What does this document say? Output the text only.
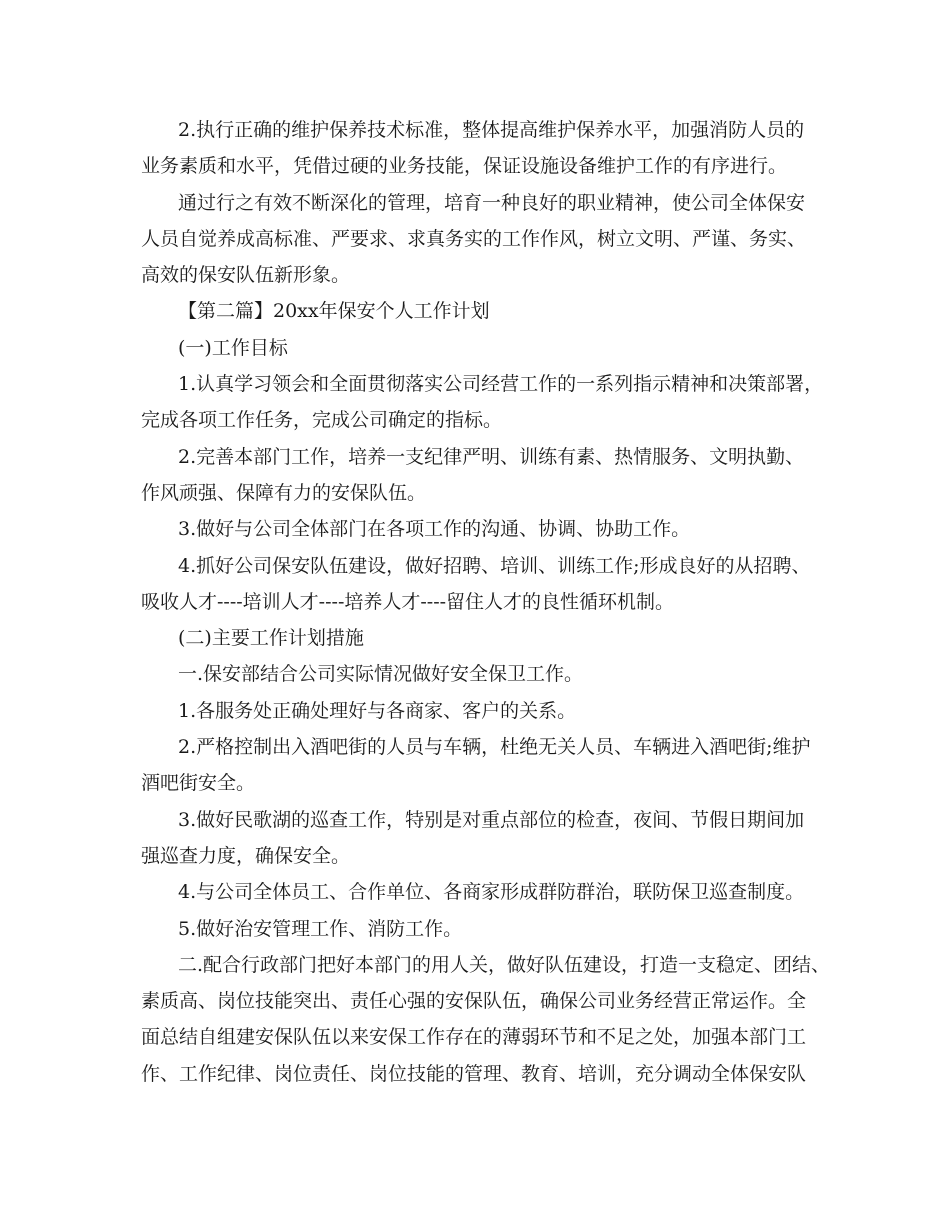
2.执行正确的维护保养技术标准，整体提高维护保养水平，加强消防人员的
业务素质和水平，凭借过硬的业务技能，保证设施设备维护工作的有序进行。
通过行之有效不断深化的管理，培育一种良好的职业精神，使公司全体保安
人员自觉养成高标准、严要求、求真务实的工作作风，树立文明、严谨、务实、
高效的保安队伍新形象。
【第二篇】20xx年保安个人工作计划
(一)工作目标
1.认真学习领会和全面贯彻落实公司经营工作的一系列指示精神和决策部署，
完成各项工作任务，完成公司确定的指标。
2.完善本部门工作，培养一支纪律严明、训练有素、热情服务、文明执勤、
作风顽强、保障有力的安保队伍。
3.做好与公司全体部门在各项工作的沟通、协调、协助工作。
4.抓好公司保安队伍建设，做好招聘、培训、训练工作;形成良好的从招聘、
吸收人才----培训人才----培养人才----留住人才的良性循环机制。
(二)主要工作计划措施
一.保安部结合公司实际情况做好安全保卫工作。
1.各服务处正确处理好与各商家、客户的关系。
2.严格控制出入酒吧街的人员与车辆，杜绝无关人员、车辆进入酒吧街;维护
酒吧街安全。
3.做好民歌湖的巡查工作，特别是对重点部位的检查，夜间、节假日期间加
强巡查力度，确保安全。
4.与公司全体员工、合作单位、各商家形成群防群治，联防保卫巡查制度。
5.做好治安管理工作、消防工作。
二.配合行政部门把好本部门的用人关，做好队伍建设，打造一支稳定、团结、
素质高、岗位技能突出、责任心强的安保队伍，确保公司业务经营正常运作。全
面总结自组建安保队伍以来安保工作存在的薄弱环节和不足之处，加强本部门工
作、工作纪律、岗位责任、岗位技能的管理、教育、培训，充分调动全体保安队
